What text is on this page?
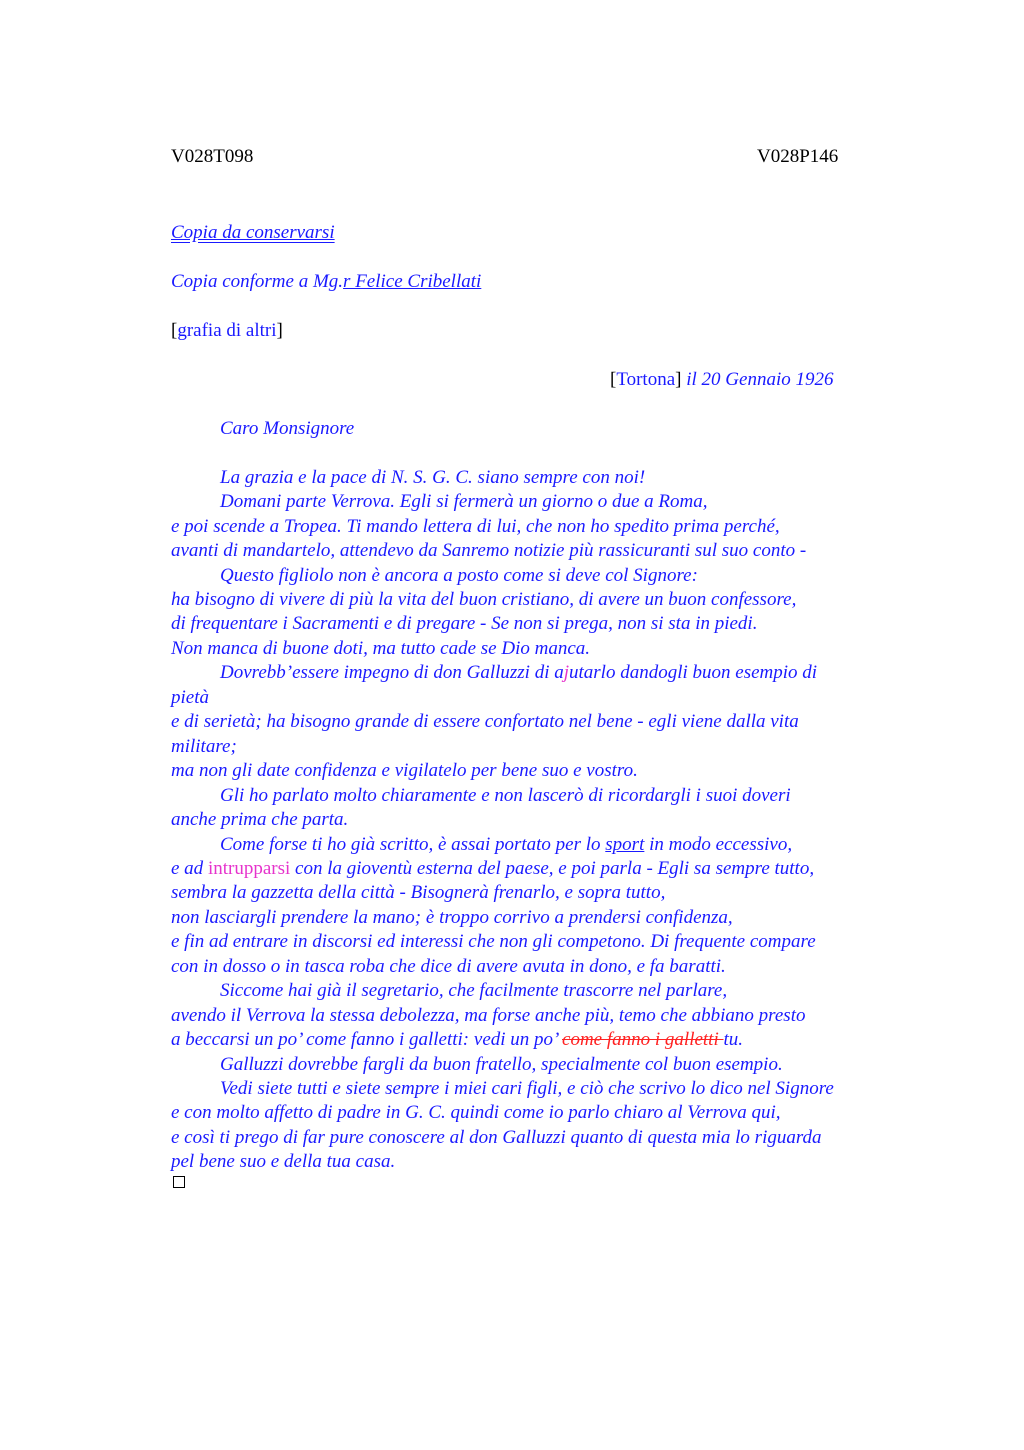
V028T098	V028P146
Copia da conservarsi
Copia conforme a Mg.r Felice Cribellati
[grafia di altri]
[Tortona] il 20 Gennaio 1926
Caro Monsignore
La grazia e la pace di N. S. G. C. siano sempre con noi!
Domani parte Verrova. Egli si fermerà un giorno o due a Roma,
e poi scende a Tropea. Ti mando lettera di lui, che non ho spedito prima perché,
avanti di mandartelo, attendevo da Sanremo notizie più rassicuranti sul suo conto -
Questo figliolo non è ancora a posto come si deve col Signore:
ha bisogno di vivere di più la vita del buon cristiano, di avere un buon confessore,
di frequentare i Sacramenti e di pregare - Se non si prega, non si sta in piedi.
Non manca di buone doti, ma tutto cade se Dio manca.
Dovrebb’essere impegno di don Galluzzi di ajutarlo dandogli buon esempio di
pietà
e di serietà; ha bisogno grande di essere confortato nel bene - egli viene dalla vita
militare;
ma non gli date confidenza e vigilatelo per bene suo e vostro.
Gli ho parlato molto chiaramente e non lascerò di ricordargli i suoi doveri
anche prima che parta.
Come forse ti ho già scritto, è assai portato per lo sport in modo eccessivo,
e ad intrupparsi con la gioventù esterna del paese, e poi parla - Egli sa sempre tutto,
sembra la gazzetta della città - Bisognerà frenarlo, e sopra tutto,
non lasciargli prendere la mano; è troppo corrivo a prendersi confidenza,
e fin ad entrare in discorsi ed interessi che non gli competono. Di frequente compare
con in dosso o in tasca roba che dice di avere avuta in dono, e fa baratti.
Siccome hai già il segretario, che facilmente trascorre nel parlare,
avendo il Verrova la stessa debolezza, ma forse anche più, temo che abbiano presto
a beccarsi un po’ come fanno i galletti: vedi un po’ come fanno i galletti tu.
Galluzzi dovrebbe fargli da buon fratello, specialmente col buon esempio.
Vedi siete tutti e siete sempre i miei cari figli, e ciò che scrivo lo dico nel Signore
e con molto affetto di padre in G. C. quindi come io parlo chiaro al Verrova qui,
e così ti prego di far pure conoscere al don Galluzzi quanto di questa mia lo riguarda
pel bene suo e della tua casa.
